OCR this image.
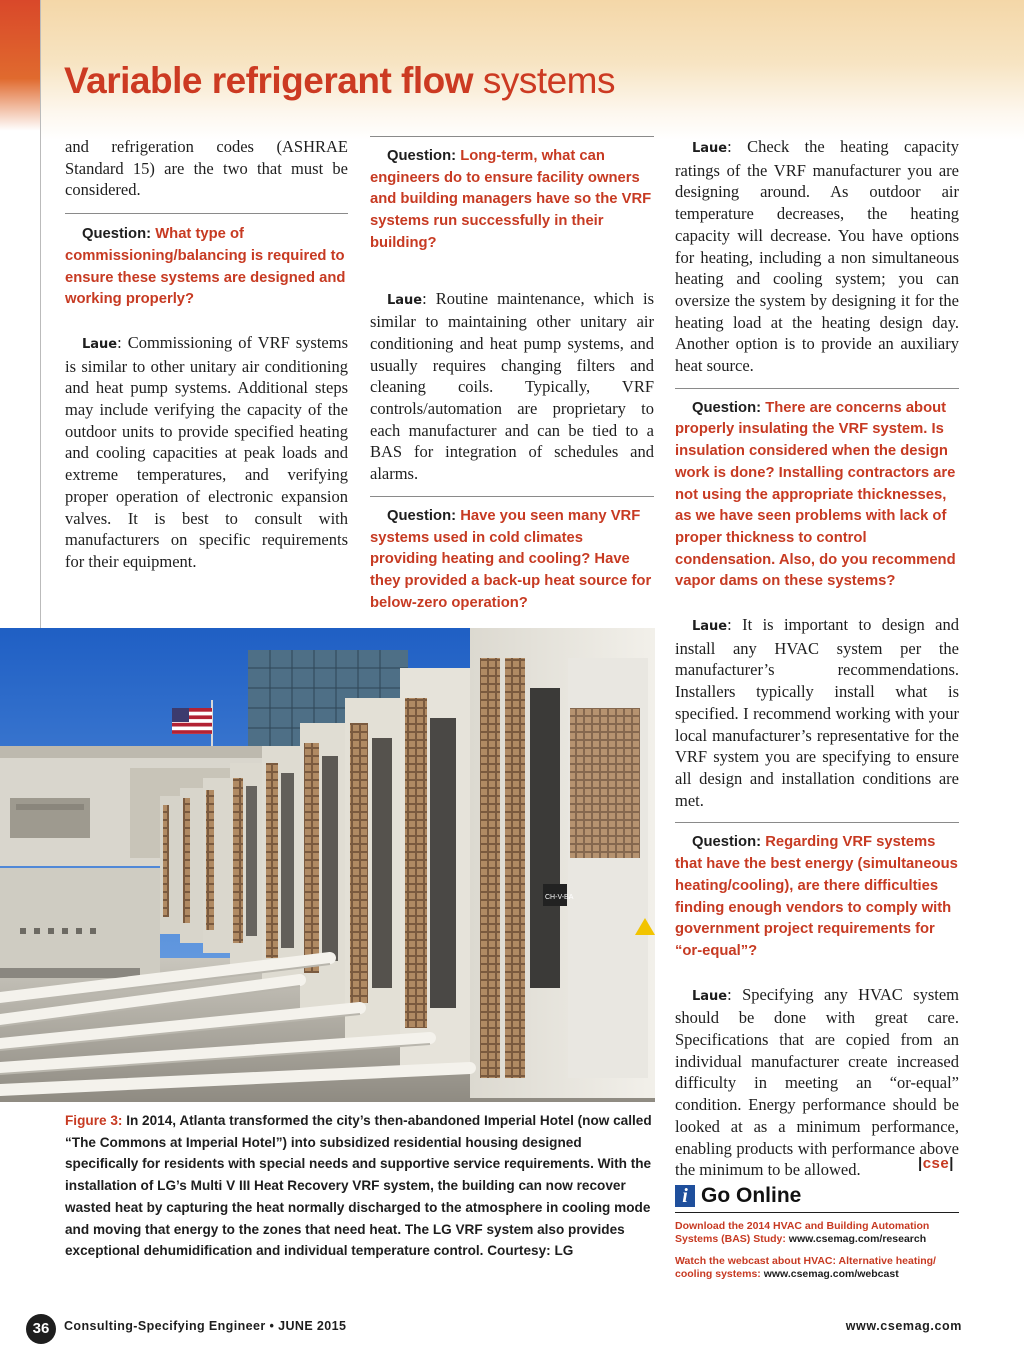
Variable refrigerant flow systems

and refrigeration codes (ASHRAE Standard 15) are the two that must be considered.

Question: What type of commissioning/balancing is required to ensure these systems are designed and working properly?

Laue: Commissioning of VRF systems is similar to other unitary air conditioning and heat pump systems. Additional steps may include verifying the capacity of the outdoor units to provide specified heating and cooling capacities at peak loads and extreme temperatures, and verifying proper operation of electronic expansion valves. It is best to consult with manufacturers on specific requirements for their equipment.

Question: Long-term, what can engineers do to ensure facility owners and building managers have so the VRF systems run successfully in their building?

Laue: Routine maintenance, which is similar to maintaining other unitary air conditioning and heat pump systems, and usually requires changing filters and cleaning coils. Typically, VRF controls/automation are proprietary to each manufacturer and can be tied to a BAS for integration of schedules and alarms.

Question: Have you seen many VRF systems used in cold climates providing heating and cooling? Have they provided a back-up heat source for below-zero operation?

Laue: Check the heating capacity ratings of the VRF manufacturer you are designing around. As outdoor air temperature decreases, the heating capacity will decrease. You have options for heating, including a non simultaneous heating and cooling system; you can oversize the system by designing it for the heating load at the heating design day. Another option is to provide an auxiliary heat source.

Question: There are concerns about properly insulating the VRF system. Is insulation considered when the design work is done? Installing contractors are not using the appropriate thicknesses, as we have seen problems with lack of proper thickness to control condensation. Also, do you recommend vapor dams on these systems?

Laue: It is important to design and install any HVAC system per the manufacturer’s recommendations. Installers typically install what is specified. I recommend working with your local manufacturer’s representative for the VRF system you are specifying to ensure all design and installation conditions are met.

Question: Regarding VRF systems that have the best energy (simultaneous heating/cooling), are there difficulties finding enough vendors to comply with government project requirements for “or-equal”?

Laue: Specifying any HVAC system should be done with great care. Specifications that are copied from an individual manufacturer create increased difficulty in meeting an “or-equal” condition. Energy performance should be looked at as a minimum performance, enabling products with performance above the minimum to be allowed.	|cse|
CH-V-BA

Figure 3: In 2014, Atlanta transformed the city’s then-abandoned Imperial Hotel (now called “The Commons at Imperial Hotel”) into subsidized residential housing designed specifically for residents with special needs and supportive service requirements. With the installation of LG’s Multi V III Heat Recovery VRF system, the building can now recover wasted heat by capturing the heat normally discharged to the atmosphere in cooling mode and moving that energy to the zones that need heat. The LG VRF system also provides exceptional dehumidification and individual temperature control. Courtesy: LG

i Go Online

Download the 2014 HVAC and Building Automation Systems (BAS) Study: www.csemag.com/research

Watch the webcast about HVAC: Alternative heating/ cooling systems: www.csemag.com/webcast

36	Consulting-Specifying Engineer • JUNE 2015	www.csemag.com
